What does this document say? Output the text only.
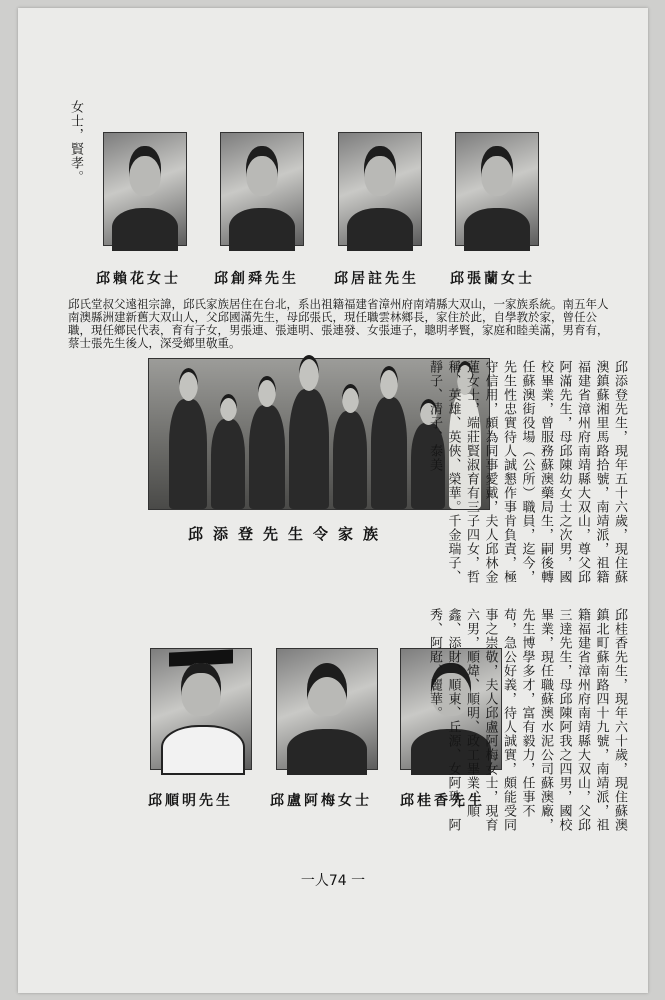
女士，賢孝。
邱張蘭女士
邱居註先生
邱創舜先生
邱賴花女士
邱氏堂叔父遠祖宗諱，邱氏家族居住在台北，系出祖籍福建省漳州府南靖縣大双山，一家族系統。南五年人南澳縣洲建新舊大双山人，父邱國滿先生，母邱張氏，現任職雲林鄉長，家住於此，自學教於家，曾任公職，現任鄉民代表，育有子女，男張連、張連明、張連發、女張連子，聰明孝賢，家庭和睦美滿，男育有，蔡士張先生後人，深受鄉里敬重。
邱添登先生令家族	邱添登先生，現年五十六歲，現住蘇澳鎮蘇湘里馬路拾號，南靖派，祖籍福建省漳州府南靖縣大双山，尊父邱阿滿先生，母邱陳幼女士之次男，國校畢業，曾服務蘇澳藥局生，嗣後轉任蘇澳街役場（公所）職員，迄今，先生性忠實待人誠懇作事肯負責，極守信用，頗為同事愛戴，夫人邱林金蓮女士，端莊賢淑育有三子四女，哲稱、英雄、英俠、榮華。千金瑞子、靜子、清子、泰美
邱桂香先生
邱盧阿梅女士
邱順明先生	邱桂香先生，現年六十歲，現住蘇澳鎮北町蘇南路四十九號，南靖派，祖籍福建省漳州府南靖縣大双山，父邱三達先生，母邱陳阿我之四男，國校畢業，現任職蘇澳水泥公司蘇澳廠，先生博學多才，富有毅力，任事不苟，急公好義，待人誠實，頗能受同事之崇敬，夫人邱盧阿梅女士，現育六男，順煒、順明、政工畢業、順鑫、添財、順東、丘源、女阿珠、阿秀、阿屘、麗華。
一人74 一
